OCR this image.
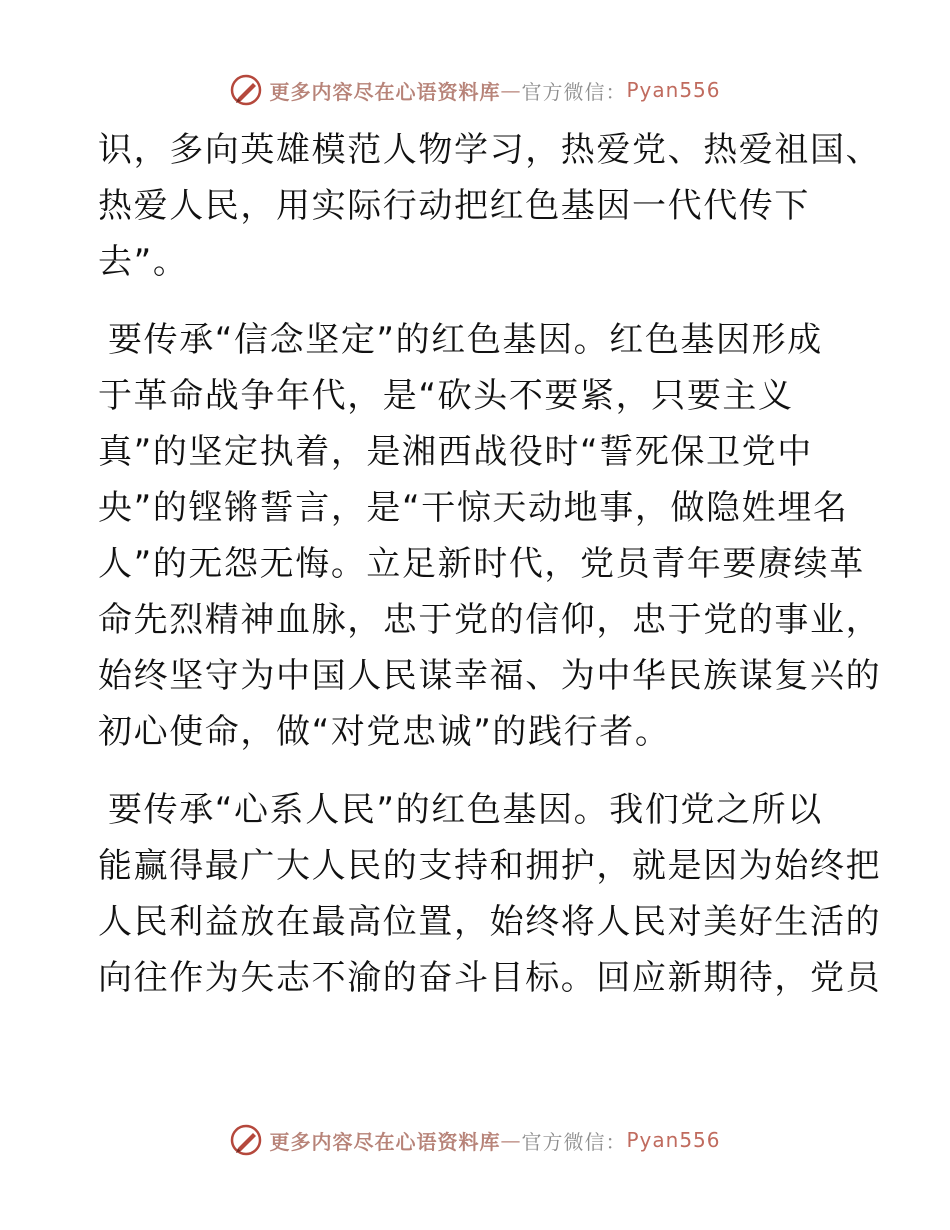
更多内容尽在心语资料库 — 官方微信： Pyan556
识，多向英雄模范人物学习，热爱党、热爱祖国、
热爱人民，用实际行动把红色基因一代代传下
去”。
要传承“信念坚定”的红色基因。红色基因形成
于革命战争年代，是“砍头不要紧，只要主义
真”的坚定执着，是湘西战役时“誓死保卫党中
央”的铿锵誓言，是“干惊天动地事，做隐姓埋名
人”的无怨无悔。立足新时代，党员青年要赓续革
命先烈精神血脉，忠于党的信仰，忠于党的事业，
始终坚守为中国人民谋幸福、为中华民族谋复兴的
初心使命，做“对党忠诚”的践行者。
要传承“心系人民”的红色基因。我们党之所以
能赢得最广大人民的支持和拥护，就是因为始终把
人民利益放在最高位置，始终将人民对美好生活的
向往作为矢志不渝的奋斗目标。回应新期待，党员
更多内容尽在心语资料库 — 官方微信： Pyan556
